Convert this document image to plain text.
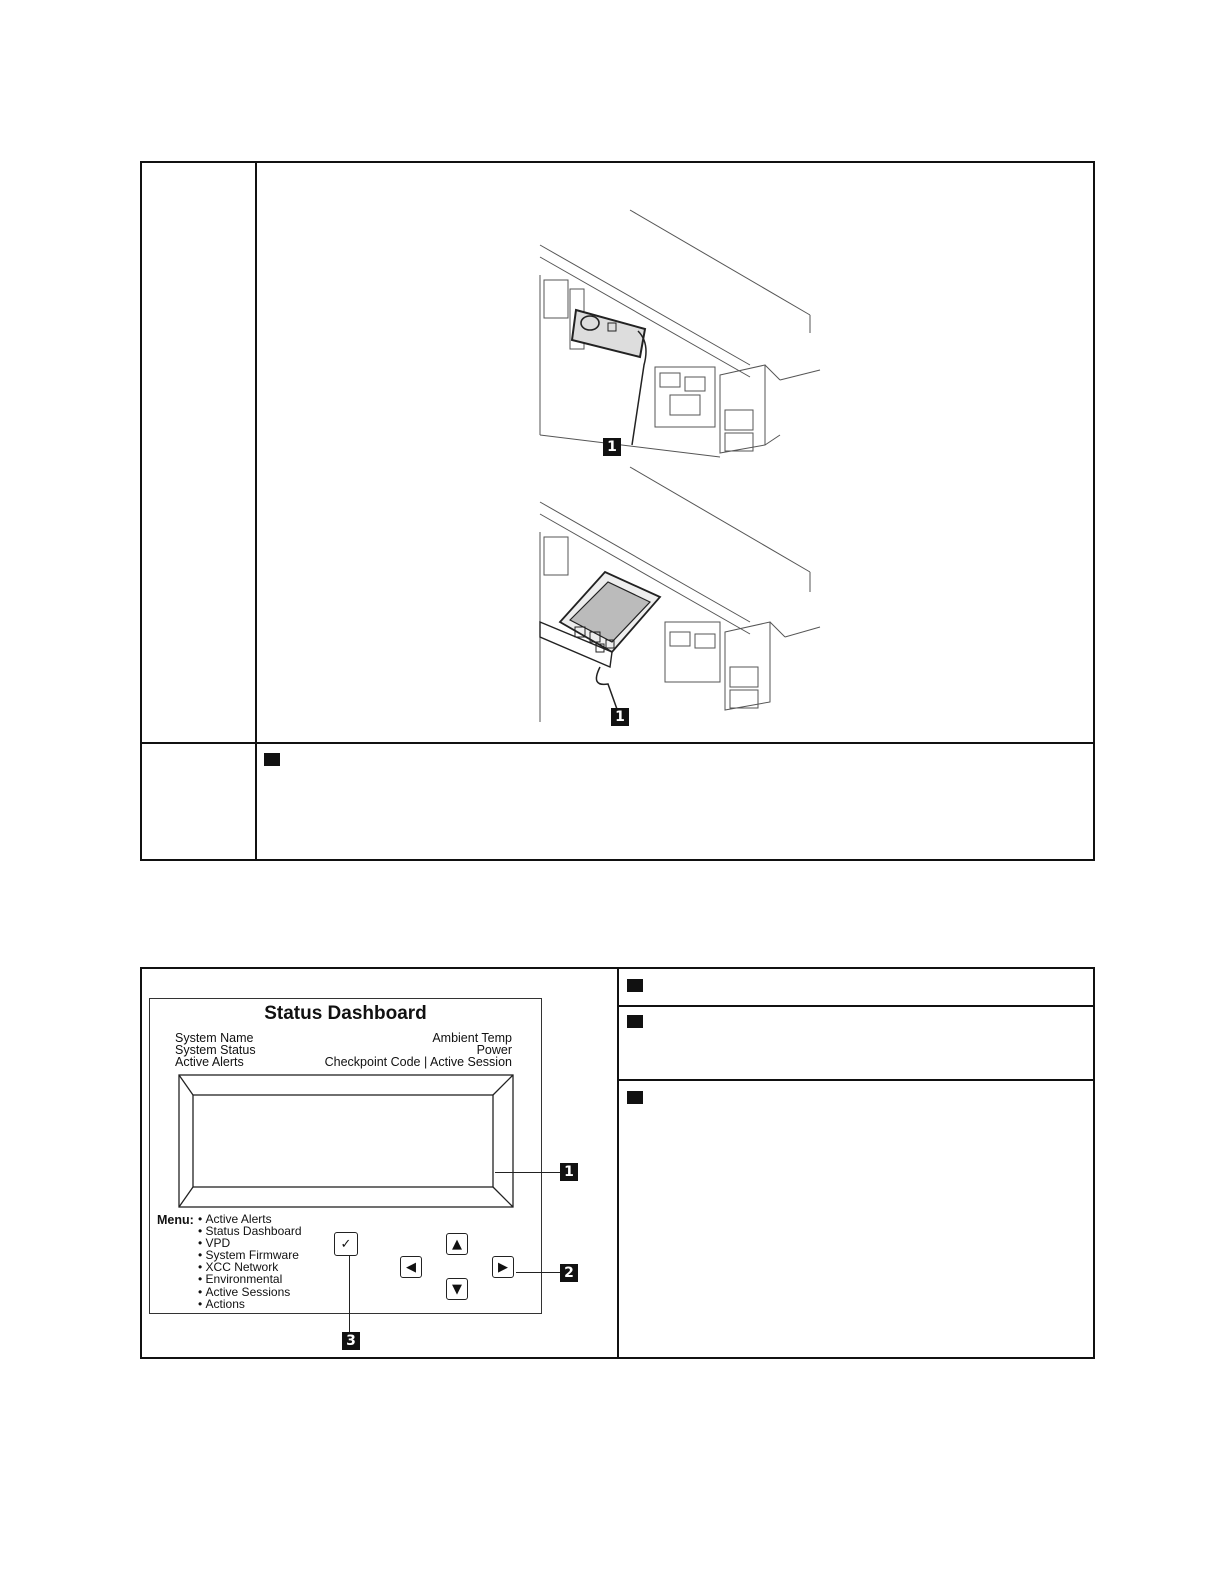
1
1
Status Dashboard
System Name
System Status
Active Alerts
Ambient Temp
Power
Checkpoint Code | Active Session
1
Menu:
• Active Alerts
• Status Dashboard
• VPD
• System Firmware
• XCC Network
• Environmental
• Active Sessions
• Actions
✓	▲
◀	▶
▼
2
3
